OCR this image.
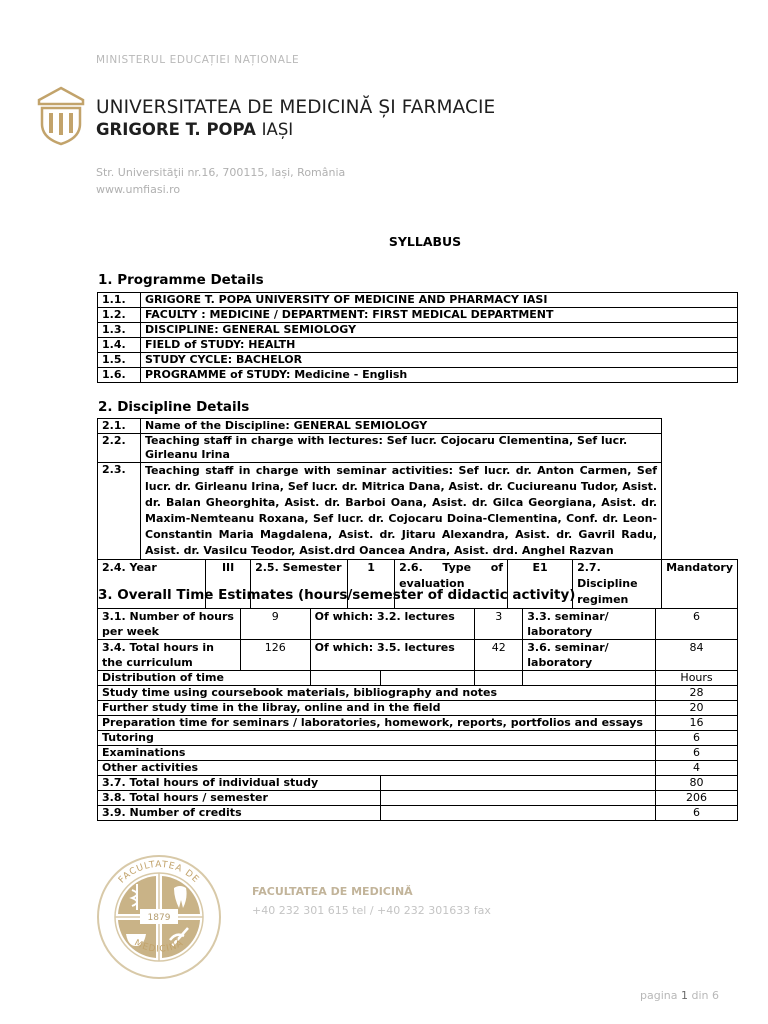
MINISTERUL EDUCAȚIEI NAȚIONALE
UNIVERSITATEA DE MEDICINĂ ȘI FARMACIE
GRIGORE T. POPA IAȘI
Str. Universităţii nr.16, 700115, Iași, România
www.umfiasi.ro
SYLLABUS
1. Programme Details
1.1.	GRIGORE T. POPA UNIVERSITY OF MEDICINE AND PHARMACY IASI
1.2.	FACULTY : MEDICINE / DEPARTMENT: FIRST MEDICAL DEPARTMENT
1.3.	DISCIPLINE: GENERAL SEMIOLOGY
1.4.	FIELD of STUDY: HEALTH
1.5.	STUDY CYCLE: BACHELOR
1.6.	PROGRAMME of STUDY: Medicine - English
2. Discipline Details
2.1.	Name of the Discipline: GENERAL SEMIOLOGY							
2.2.	Teaching staff in charge with lectures: Sef lucr. Cojocaru Clementina, Sef lucr. Girleanu Irina							
2.3.	Teaching staff in charge with seminar activities: Sef lucr. dr. Anton Carmen, Sef lucr. dr. Girleanu Irina, Sef lucr. dr. Mitrica Dana, Asist. dr. Cuciureanu Tudor, Asist. dr. Balan Gheorghita, Asist. dr. Barboi Oana, Asist. dr. Gilca Georgiana, Asist. dr. Maxim-Nemteanu Roxana, Sef lucr. dr. Cojocaru Doina-Clementina, Conf. dr. Leon-Constantin Maria Magdalena, Asist. dr. Jitaru Alexandra, Asist. dr. Gavril Radu, Asist. dr. Vasilcu Teodor, Asist.drd Oancea Andra, Asist. drd. Anghel Razvan							
2.4. Year		III	2.5. Semester	1	2.6. Type of evaluation	E1	2.7. Discipline regimen	Mandatory
3. Overall Time Estimates (hours/semester of didactic activity)
3.1. Number of hours per week	9	Of which: 3.2. lectures		3	3.3. seminar/ laboratory	6
3.4. Total hours in the curriculum	126	Of which: 3.5. lectures		42	3.6. seminar/ laboratory	84
Distribution of time						Hours
Study time using coursebook materials, bibliography and notes						28
Further study time in the libray, online and in the field						20
Preparation time for seminars / laboratories, homework, reports, portfolios and essays						16
Tutoring						6
Examinations						6
Other activities						4
3.7. Total hours of individual study						80
3.8. Total hours / semester						206
3.9. Number of credits						6
1879
FACULTATEA DE
MEDICINĂ
FACULTATEA DE MEDICINĂ
+40 232 301 615 tel / +40 232 301633 fax
pagina 1 din 6
